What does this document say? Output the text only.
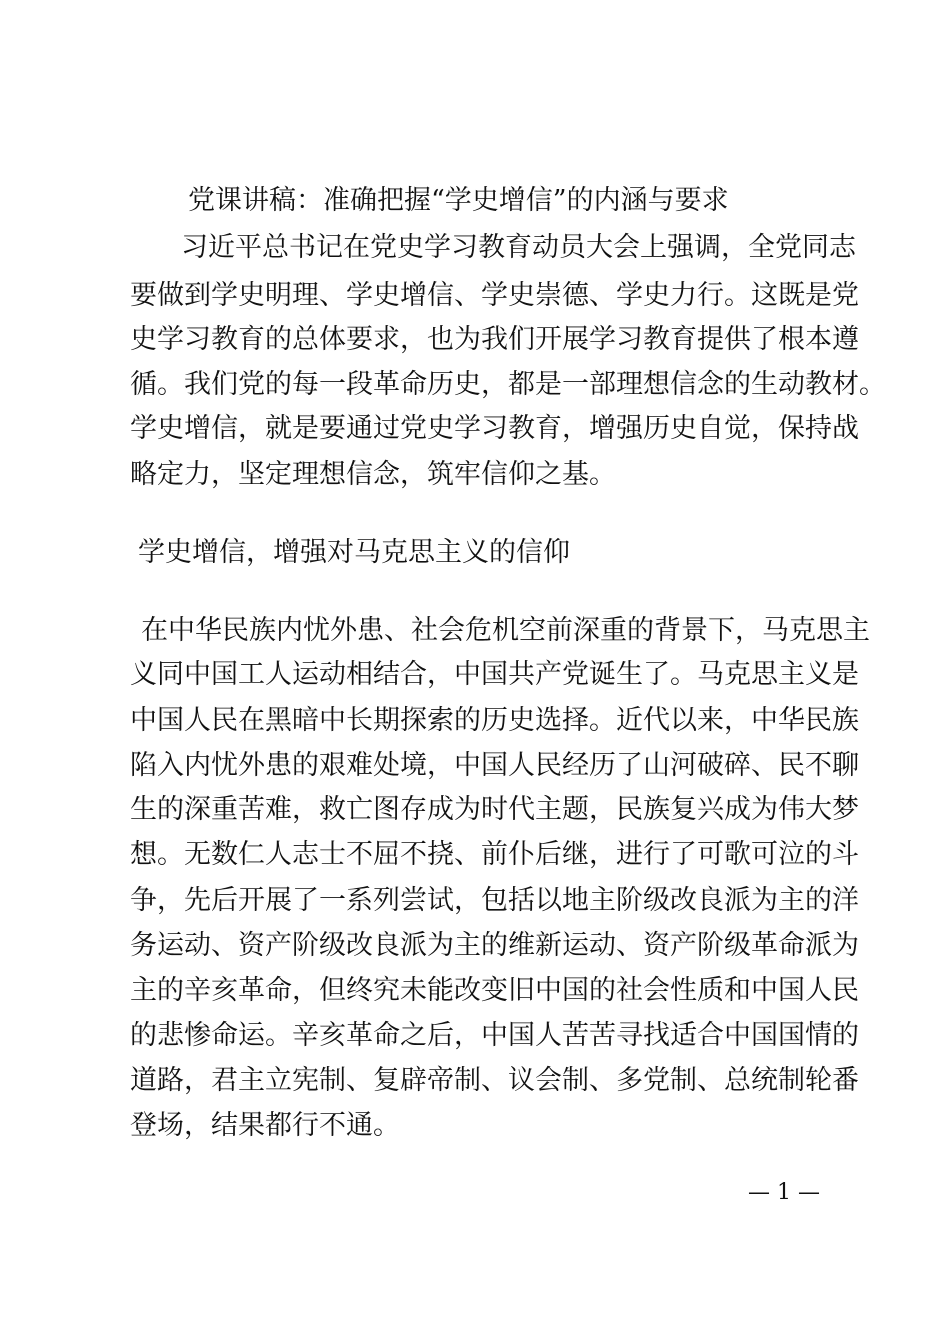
党课讲稿：准确把握“学史增信”的内涵与要求
习近平总书记在党史学习教育动员大会上强调，全党同志
要做到学史明理、学史增信、学史崇德、学史力行。这既是党
史学习教育的总体要求，也为我们开展学习教育提供了根本遵
循。我们党的每一段革命历史，都是一部理想信念的生动教材。
学史增信，就是要通过党史学习教育，增强历史自觉，保持战
略定力，坚定理想信念，筑牢信仰之基。
学史增信，增强对马克思主义的信仰
在中华民族内忧外患、社会危机空前深重的背景下，马克思主
义同中国工人运动相结合，中国共产党诞生了。马克思主义是
中国人民在黑暗中长期探索的历史选择。近代以来，中华民族
陷入内忧外患的艰难处境，中国人民经历了山河破碎、民不聊
生的深重苦难，救亡图存成为时代主题，民族复兴成为伟大梦
想。无数仁人志士不屈不挠、前仆后继，进行了可歌可泣的斗
争，先后开展了一系列尝试，包括以地主阶级改良派为主的洋
务运动、资产阶级改良派为主的维新运动、资产阶级革命派为
主的辛亥革命，但终究未能改变旧中国的社会性质和中国人民
的悲惨命运。辛亥革命之后，中国人苦苦寻找适合中国国情的
道路，君主立宪制、复辟帝制、议会制、多党制、总统制轮番
登场，结果都行不通。
— 1 —
